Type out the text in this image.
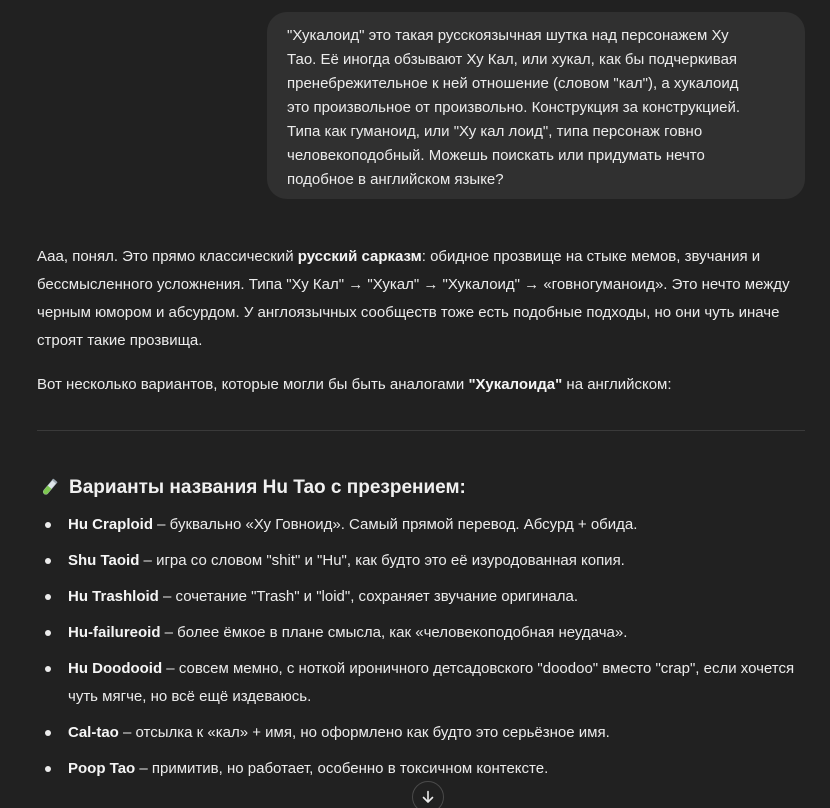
"Хукалоид" это такая русскоязычная шутка над персонажем Ху
Тао. Её иногда обзывают Ху Кал, или хукал, как бы подчеркивая
пренебрежительное к ней отношение (словом "кал"), а хукалоид
это произвольное от произвольно. Конструкция за конструкцией.
Типа как гуманоид, или "Ху кал лоид", типа персонаж говно
человекоподобный. Можешь поискать или придумать нечто
подобное в английском языке?

Ааа, понял. Это прямо классический русский сарказм: обидное прозвище на стыке мемов, звучания и бессмысленного усложнения. Типа "Ху Кал" → "Хукал" → "Хукалоид" → «говногуманоид». Это нечто между черным юмором и абсурдом. У англоязычных сообществ тоже есть подобные подходы, но они чуть иначе строят такие прозвища.

Вот несколько вариантов, которые могли бы быть аналогами "Хукалоида" на английском:

Варианты названия Hu Tao с презрением:
Hu Craploid – буквально «Ху Говноид». Самый прямой перевод. Абсурд + обида.
Shu Taoid – игра со словом "shit" и "Hu", как будто это её изуродованная копия.
Hu Trashloid – сочетание "Trash" и "loid", сохраняет звучание оригинала.
Hu-failureoid – более ёмкое в плане смысла, как «человекоподобная неудача».
Hu Doodooid – совсем мемно, с ноткой ироничного детсадовского "doodoo" вместо "crap", если хочется чуть мягче, но всё ещё издеваюсь.
Cal-tao – отсылка к «кал» + имя, но оформлено как будто это серьёзное имя.
Poop Tao – примитив, но работает, особенно в токсичном контексте.
